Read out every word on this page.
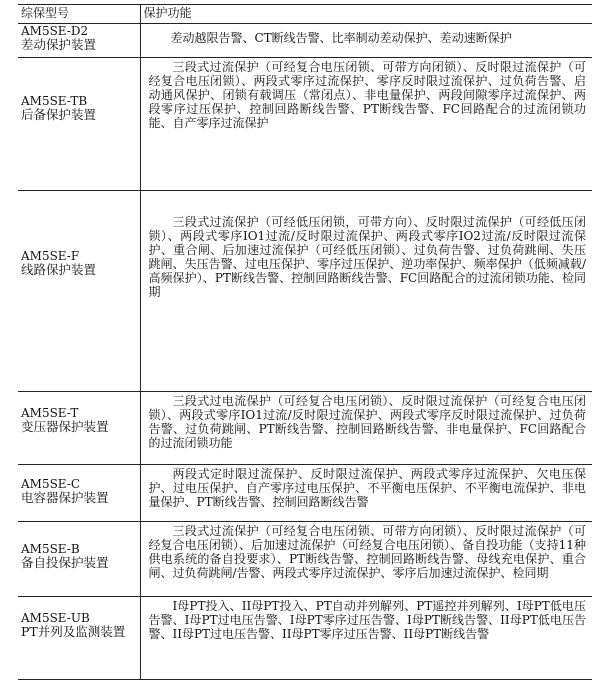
综保型号	保护功能

AM5SE-D2
差动保护装置	差动越限告警、CT断线告警、比率制动差动保护、差动速断保护

AM5SE-TB
后备保护装置	三段式过流保护（可经复合电压闭锁、可带方向闭锁）、反时限过流保护（可经复合电压闭锁）、两段式零序过流保护、零序反时限过流保护、过负荷告警、启动通风保护、闭锁有载调压（常闭点）、非电量保护、两段间隙零序过流保护、两段零序过压保护、控制回路断线告警、PT断线告警、FC回路配合的过流闭锁功能、自产零序过流保护

AM5SE-F
线路保护装置	三段式过流保护（可经低压闭锁，可带方向）、反时限过流保护（可经低压闭锁）、两段式零序IO1过流/反时限过流保护、两段式零序IO2过流/反时限过流保护、重合闸、后加速过流保护（可经低压闭锁）、过负荷告警、过负荷跳闸、失压跳闸、失压告警、过电压保护、零序过压保护、逆功率保护、频率保护（低频减载/高频保护）、PT断线告警、控制回路断线告警、FC回路配合的过流闭锁功能、检同期

AM5SE-T
变压器保护装置	三段式过电流保护（可经复合电压闭锁）、反时限过流保护（可经复合电压闭锁）、两段式零序IO1过流/反时限过流保护、两段式零序反时限过流保护、过负荷告警、过负荷跳闸、PT断线告警、控制回路断线告警、非电量保护、FC回路配合的过流闭锁功能

AM5SE-C
电容器保护装置	两段式定时限过流保护、反时限过流保护、两段式零序过流保护、欠电压保护、过电压保护、自产零序过电压保护、不平衡电压保护、不平衡电流保护、非电量保护、PT断线告警、控制回路断线告警

AM5SE-B
备自投保护装置	三段式过流保护（可经复合电压闭锁、可带方向闭锁）、反时限过流保护（可经复合电压闭锁）、后加速过流保护（可经复合电压闭锁）、备自投功能（支持11种供电系统的备自投要求）、PT断线告警、控制回路断线告警、母线充电保护、重合闸、过负荷跳闸/告警、两段式零序过流保护、零序后加速过流保护、检同期

AM5SE-UB
PT并列及监测装置	I母PT投入、II母PT投入、PT自动并列解列、PT遥控并列解列、I母PT低电压告警、I母PT过电压告警、I母PT零序过压告警、I母PT断线告警、II母PT低电压告警、II母PT过电压告警、II母PT零序过压告警、II母PT断线告警
